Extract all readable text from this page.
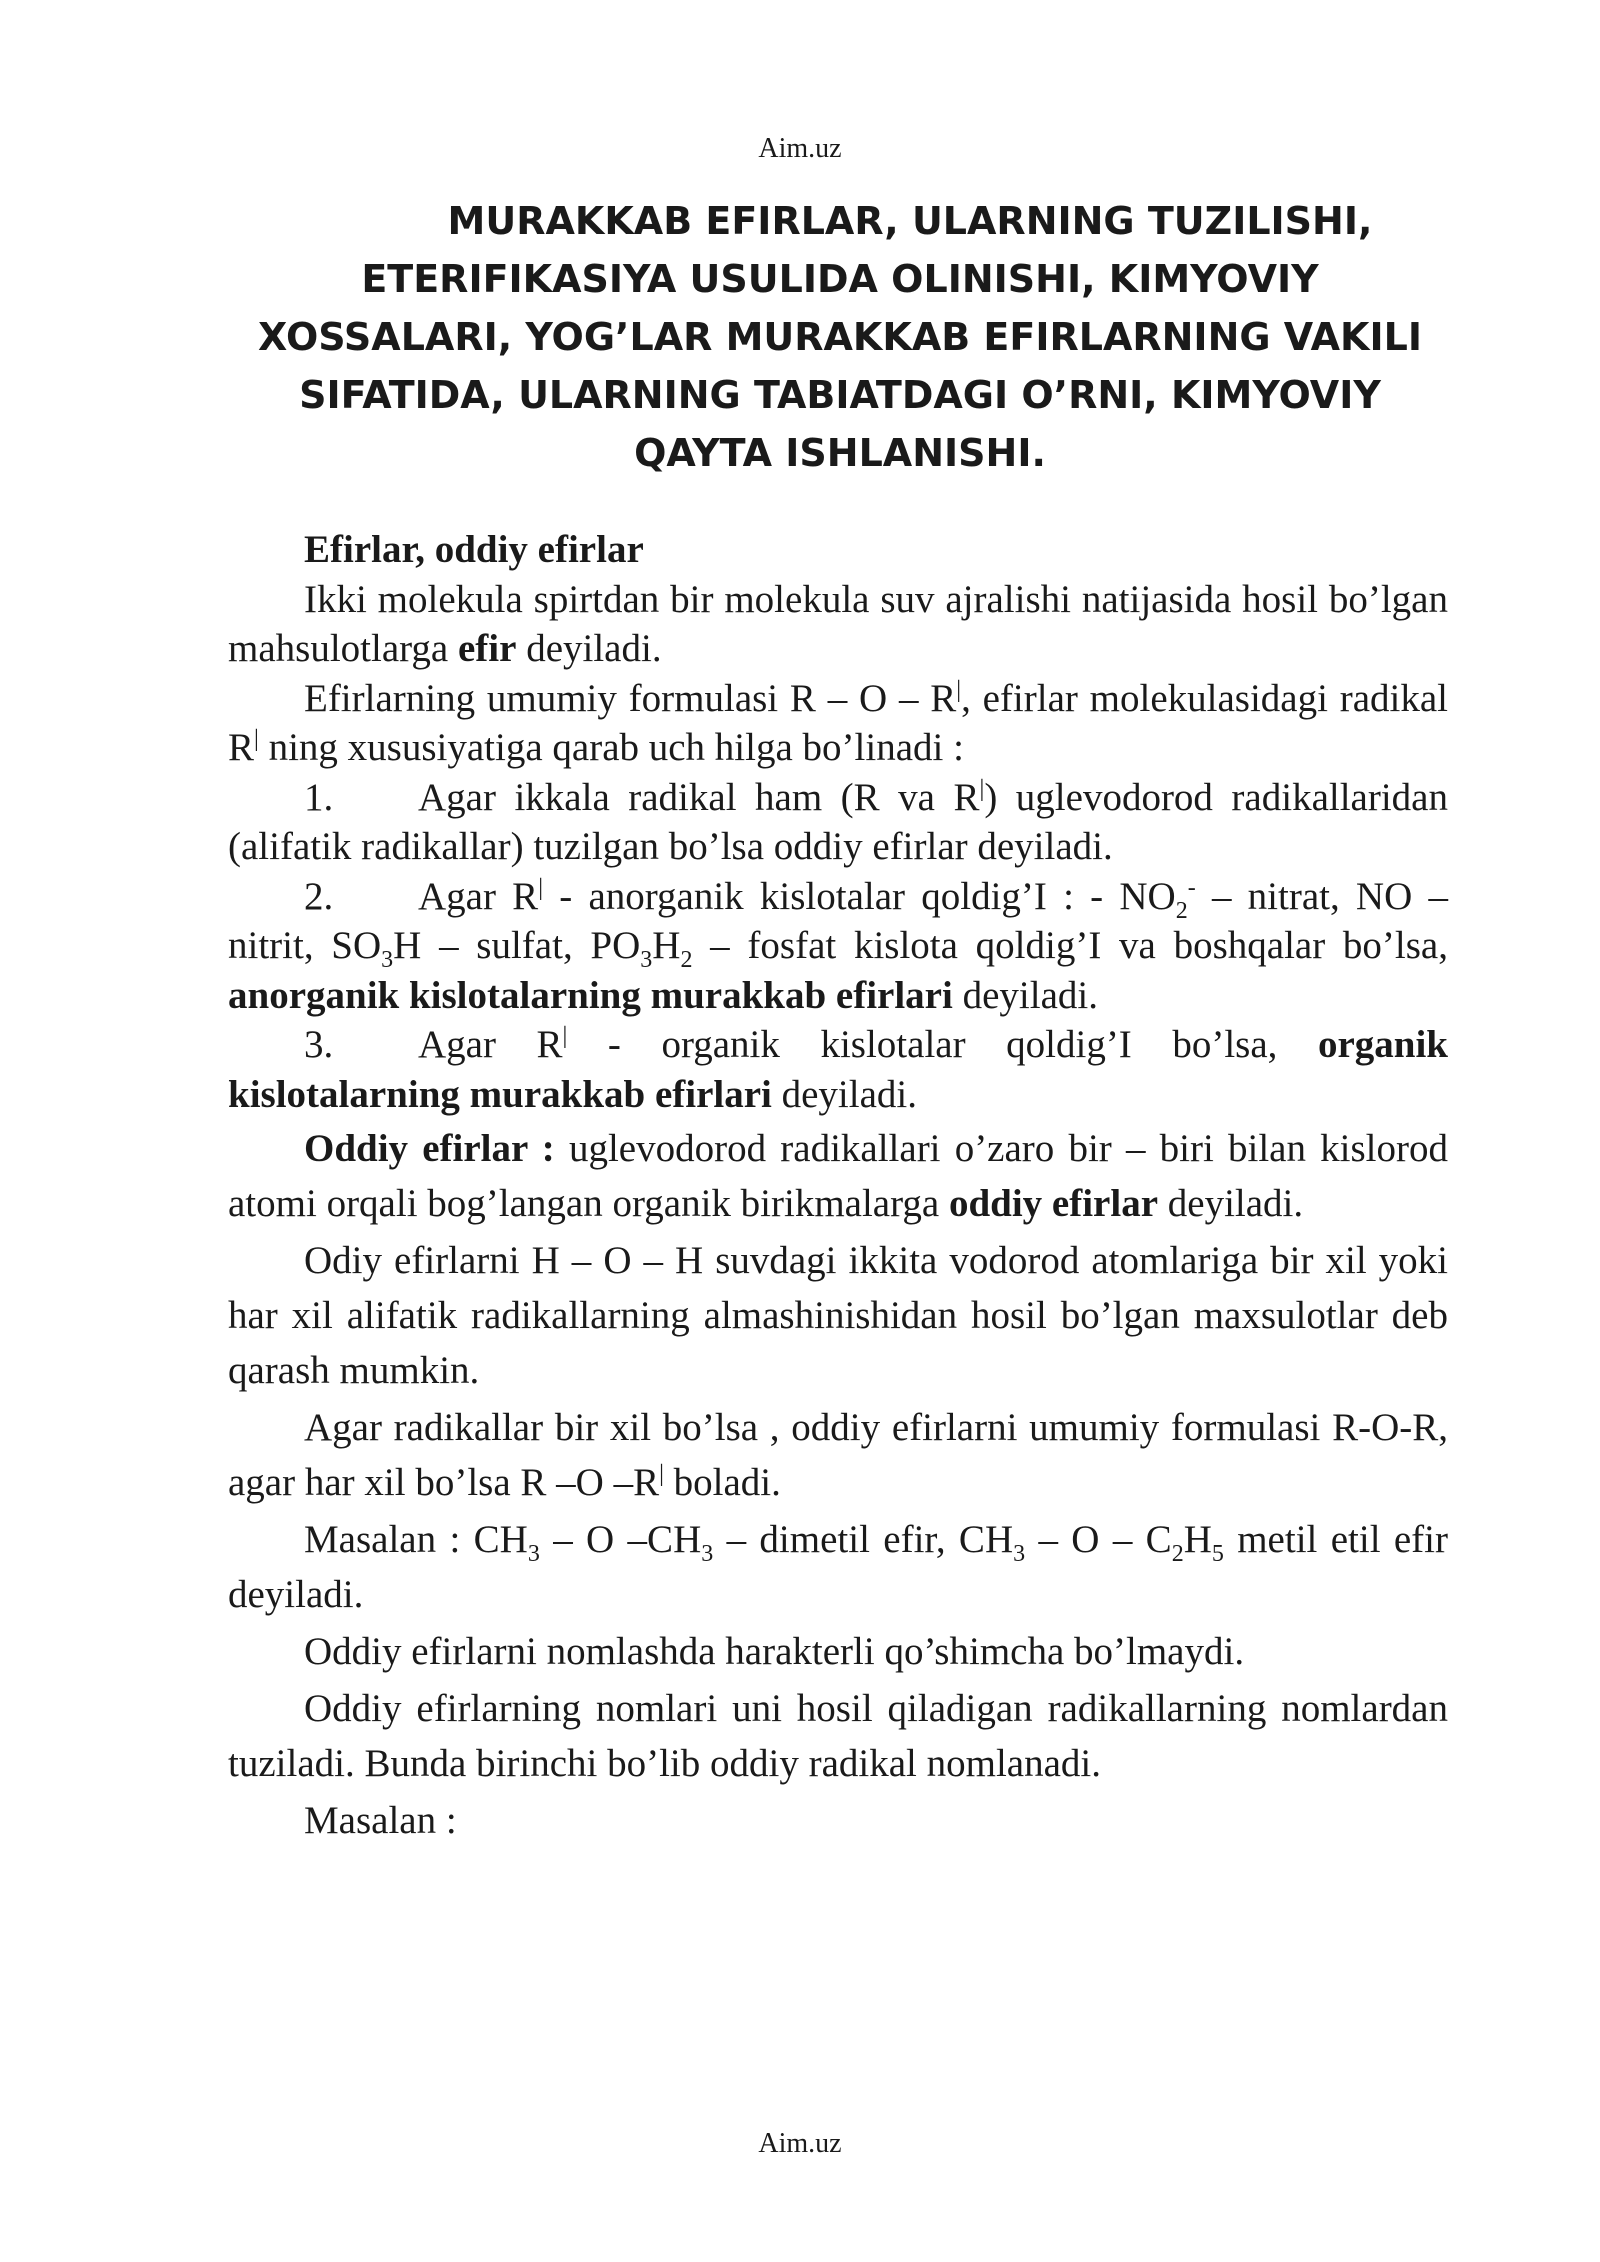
Aim.uz
MURAKKAB EFIRLAR, ULARNING TUZILISHI,
ETERIFIKASIYA USULIDA OLINISHI, KIMYOVIY
XOSSALARI, YOG’LAR MURAKKAB EFIRLARNING VAKILI
SIFATIDA, ULARNING TABIATDAGI O’RNI, KIMYOVIY
QAYTA ISHLANISHI.

Efirlar, oddiy efirlar

Ikki molekula spirtdan bir molekula suv ajralishi natijasida hosil bo’lgan mahsulotlarga efir deyiladi.

Efirlarning umumiy formulasi R – O – R|, efirlar molekulasidagi radikal R| ning xususiyatiga qarab uch hilga bo’linadi :

1. Agar ikkala radikal ham (R va R|) uglevodorod radikallaridan (alifatik radikallar) tuzilgan bo’lsa oddiy efirlar deyiladi.

2. Agar R| - anorganik kislotalar qoldig’I : - $NO_2^-$ – nitrat, NO – nitrit, $SO_3H$ – sulfat, $PO_3H_2$ – fosfat kislota qoldig’I va boshqalar bo’lsa, anorganik kislotalarning murakkab efirlari deyiladi.

3. Agar R| - organik kislotalar qoldig’I bo’lsa, organik kislotalarning murakkab efirlari deyiladi.

Oddiy efirlar : uglevodorod radikallari o’zaro bir – biri bilan kislorod atomi orqali bog’langan organik birikmalarga oddiy efirlar deyiladi.

Odiy efirlarni H – O – H suvdagi ikkita vodorod atomlariga bir xil yoki har xil alifatik radikallarning almashinishidan hosil bo’lgan maxsulotlar deb qarash mumkin.

Agar radikallar bir xil bo’lsa , oddiy efirlarni umumiy formulasi R-O-R, agar har xil bo’lsa R –O –R| boladi.

Masalan : $CH_3$ – O $-CH_3$ – dimetil efir, $CH_3$ – O – $C_2H_5$ metil etil efir deyiladi.

Oddiy efirlarni nomlashda harakterli qo’shimcha bo’lmaydi.

Oddiy efirlarning nomlari uni hosil qiladigan radikallarning nomlardan tuziladi. Bunda birinchi bo’lib oddiy radikal nomlanadi.

Masalan :

Aim.uz
